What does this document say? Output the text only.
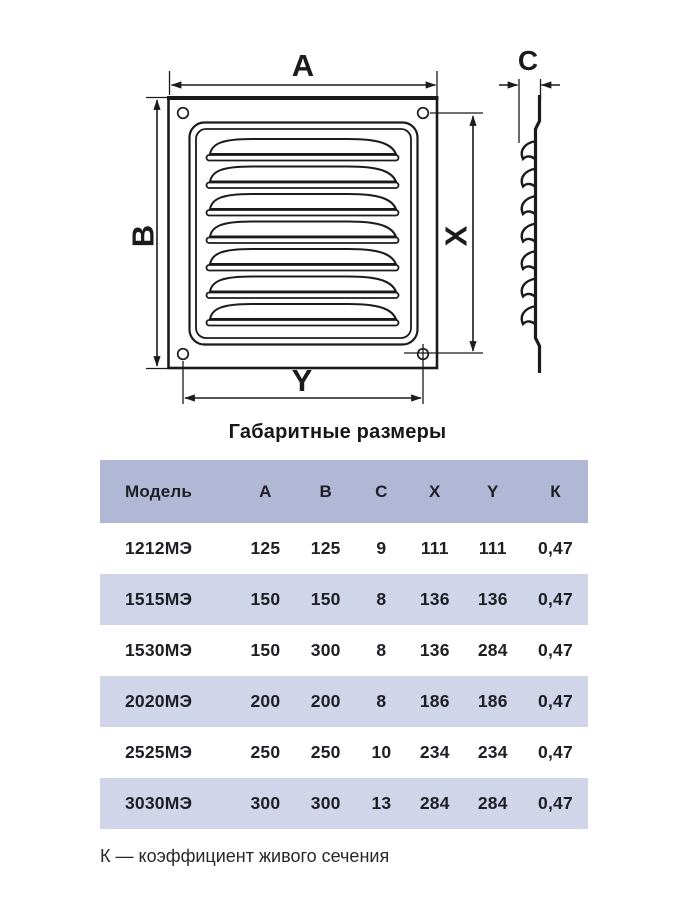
A
B
C
X
Y
Габаритные размеры
Модель	A	B	C	X	Y	К
1212МЭ	125	125	9	111	111	0,47
1515МЭ	150	150	8	136	136	0,47
1530МЭ	150	300	8	136	284	0,47
2020МЭ	200	200	8	186	186	0,47
2525МЭ	250	250	10	234	234	0,47
3030МЭ	300	300	13	284	284	0,47
К — коэффициент живого сечения
